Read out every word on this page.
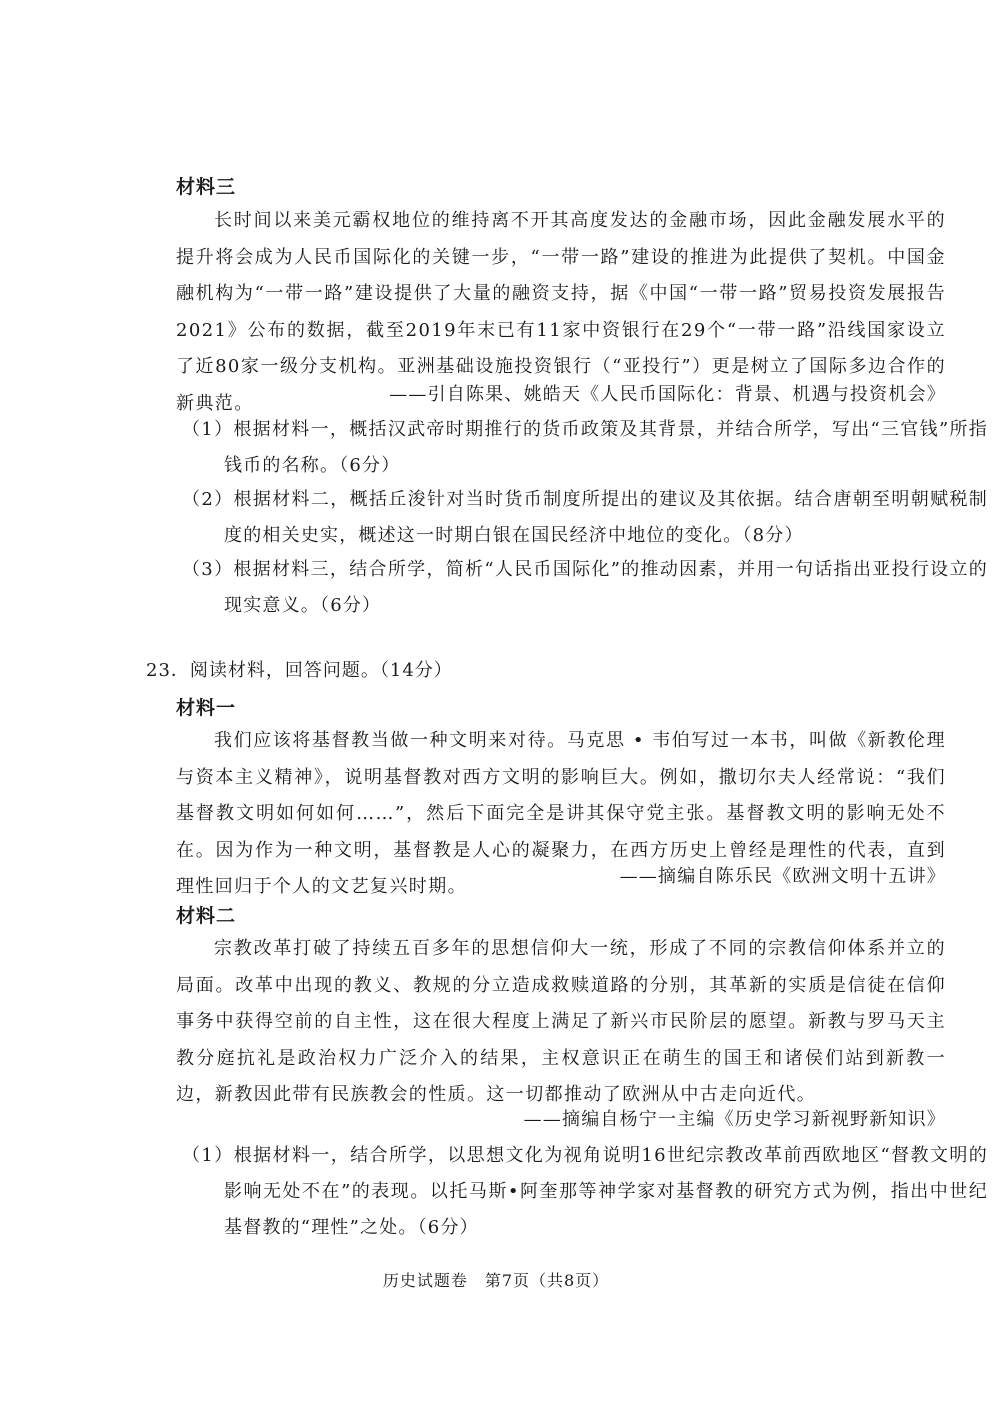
材料三
长时间以来美元霸权地位的维持离不开其高度发达的金融市场，因此金融发展水平的提升将会成为人民币国际化的关键一步，“一带一路”建设的推进为此提供了契机。中国金融机构为“一带一路”建设提供了大量的融资支持，据《中国“一带一路”贸易投资发展报告2021》公布的数据，截至2019年末已有11家中资银行在29个“一带一路”沿线国家设立了近80家一级分支机构。亚洲基础设施投资银行（“亚投行”）更是树立了国际多边合作的新典范。	——引自陈果、姚皓天《人民币国际化：背景、机遇与投资机会》
（1）根据材料一，概括汉武帝时期推行的货币政策及其背景，并结合所学，写出“三官钱”所指钱币的名称。（6分）
（2）根据材料二，概括丘浚针对当时货币制度所提出的建议及其依据。结合唐朝至明朝赋税制度的相关史实，概述这一时期白银在国民经济中地位的变化。（8分）
（3）根据材料三，结合所学，简析“人民币国际化”的推动因素，并用一句话指出亚投行设立的现实意义。（6分）
23．阅读材料，回答问题。（14分）
材料一
我们应该将基督教当做一种文明来对待。马克思 • 韦伯写过一本书，叫做《新教伦理与资本主义精神》，说明基督教对西方文明的影响巨大。例如，撒切尔夫人经常说：“我们基督教文明如何如何……”，然后下面完全是讲其保守党主张。基督教文明的影响无处不在。因为作为一种文明，基督教是人心的凝聚力，在西方历史上曾经是理性的代表，直到理性回归于个人的文艺复兴时期。	——摘编自陈乐民《欧洲文明十五讲》
材料二
宗教改革打破了持续五百多年的思想信仰大一统，形成了不同的宗教信仰体系并立的局面。改革中出现的教义、教规的分立造成救赎道路的分别，其革新的实质是信徒在信仰事务中获得空前的自主性，这在很大程度上满足了新兴市民阶层的愿望。新教与罗马天主教分庭抗礼是政治权力广泛介入的结果，主权意识正在萌生的国王和诸侯们站到新教一边，新教因此带有民族教会的性质。这一切都推动了欧洲从中古走向近代。
——摘编自杨宁一主编《历史学习新视野新知识》
（1）根据材料一，结合所学，以思想文化为视角说明16世纪宗教改革前西欧地区“督教文明的影响无处不在”的表现。以托马斯•阿奎那等神学家对基督教的研究方式为例，指出中世纪基督教的“理性”之处。（6分）
历史试题卷　第7页（共8页）
